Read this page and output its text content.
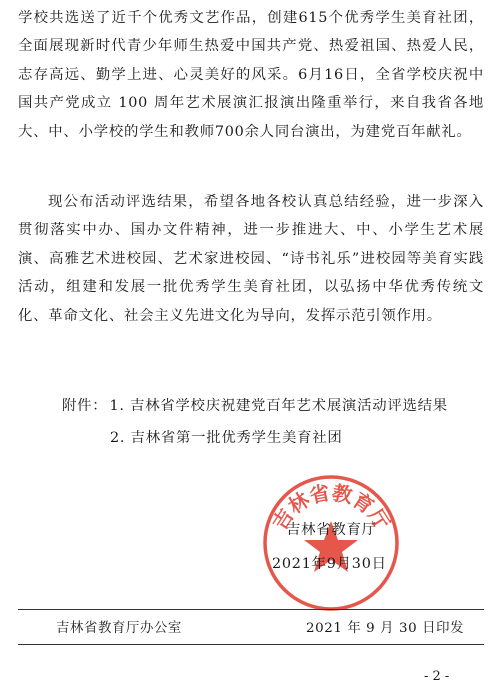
学校共选送了近千个优秀文艺作品，创建615个优秀学生美育社团，全面展现新时代青少年师生热爱中国共产党、热爱祖国、热爱人民，志存高远、勤学上进、心灵美好的风采。6月16日，全省学校庆祝中国共产党成立 100 周年艺术展演汇报演出隆重举行，来自我省各地大、中、小学校的学生和教师700余人同台演出，为建党百年献礼。

现公布活动评选结果，希望各地各校认真总结经验，进一步深入贯彻落实中办、国办文件精神，进一步推进大、中、小学生艺术展演、高雅艺术进校园、艺术家进校园、“诗书礼乐”进校园等美育实践活动，组建和发展一批优秀学生美育社团，以弘扬中华优秀传统文化、革命文化、社会主义先进文化为导向，发挥示范引领作用。

附件： 1. 吉林省学校庆祝建党百年艺术展演活动评选结果
2. 吉林省第一批优秀学生美育社团
吉林省教育厅
吉林省教育厅
2021年9月30日
吉林省教育厅办公室	2021 年 9 月 30 日印发
- 2 -
